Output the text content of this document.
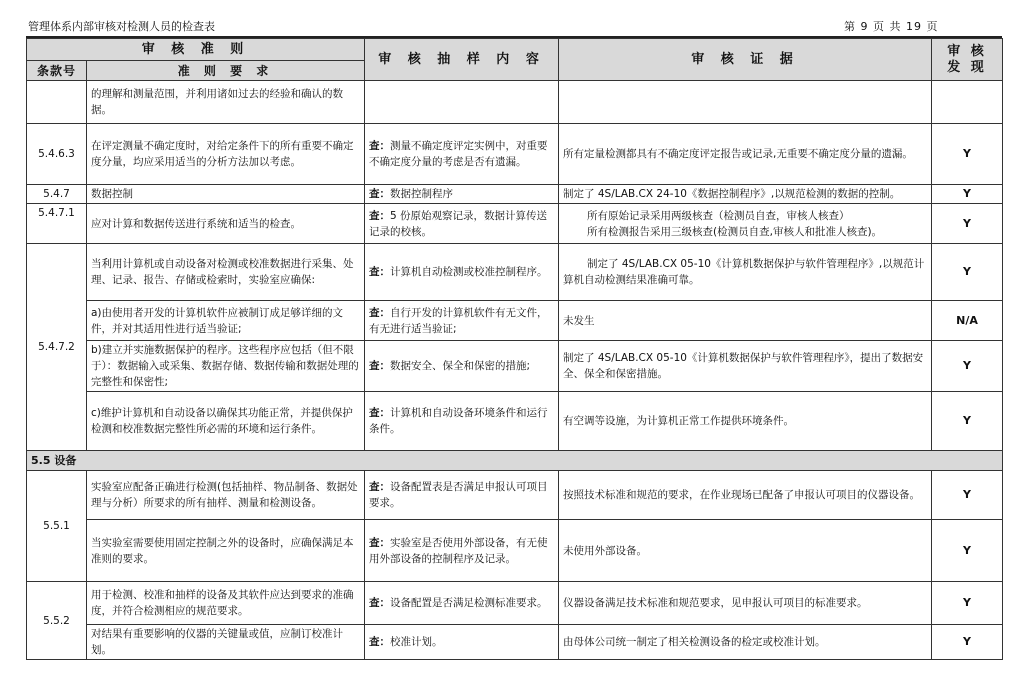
管理体系内部审核对检测人员的检查表	第 9 页 共 19 页
审 核 准 则		审 核 抽 样 内 容	审 核 证 据	审 核
发 现
条款号	准 则 要 求			
	的理解和测量范围，并利用诸如过去的经验和确认的数据。			
5.4.6.3	在评定测量不确定度时，对给定条件下的所有重要不确定度分量，均应采用适当的分析方法加以考虑。	查：测量不确定度评定实例中，对重要不确定度分量的考虑是否有遗漏。	所有定量检测都具有不确定度评定报告或记录,无重要不确定度分量的遗漏。	Y
5.4.7	数据控制	查：数据控制程序	制定了 4S/LAB.CX 24-10《数据控制程序》,以规范检测的数据的控制。	Y
5.4.7.1	应对计算和数据传送进行系统和适当的检查。	查：5 份原始观察记录，数据计算传送记录的校核。	所有原始记录采用两级核查（检测员自查，审核人核查）
所有检测报告采用三级核查(检测员自查,审核人和批准人核查)。	Y
5.4.7.2	当利用计算机或自动设备对检测或校准数据进行采集、处理、记录、报告、存储或检索时，实验室应确保:	查：计算机自动检测或校准控制程序。	制定了 4S/LAB.CX 05-10《计算机数据保护与软件管理程序》,以规范计算机自动检测结果准确可靠。	Y
	a)由使用者开发的计算机软件应被制订成足够详细的文件，并对其适用性进行适当验证;	查：自行开发的计算机软件有无文件，有无进行适当验证;	未发生	N/A
	b)建立并实施数据保护的程序。这些程序应包括（但不限于）：数据输入或采集、数据存储、数据传输和数据处理的完整性和保密性;	查：数据安全、保全和保密的措施;	制定了 4S/LAB.CX 05-10《计算机数据保护与软件管理程序》，提出了数据安全、保全和保密措施。	Y
	c)维护计算机和自动设备以确保其功能正常，并提供保护检测和校准数据完整性所必需的环境和运行条件。	查：计算机和自动设备环境条件和运行条件。	有空调等设施，为计算机正常工作提供环境条件。	Y
5.5 设备				
5.5.1	实验室应配备正确进行检测(包括抽样、物品制备、数据处理与分析）所要求的所有抽样、测量和检测设备。	查：设备配置表是否满足申报认可项目要求。	按照技术标准和规范的要求，在作业现场已配备了申报认可项目的仪器设备。	Y
	当实验室需要使用固定控制之外的设备时，应确保满足本准则的要求。	查：实验室是否使用外部设备，有无使用外部设备的控制程序及记录。	未使用外部设备。	Y
5.5.2	用于检测、校准和抽样的设备及其软件应达到要求的准确度，并符合检测相应的规范要求。	查：设备配置是否满足检测标准要求。	仪器设备满足技术标准和规范要求，见申报认可项目的标准要求。	Y
	对结果有重要影响的仪器的关键量或值，应制订校准计划。	查：校准计划。	由母体公司统一制定了相关检测设备的检定或校准计划。	Y
